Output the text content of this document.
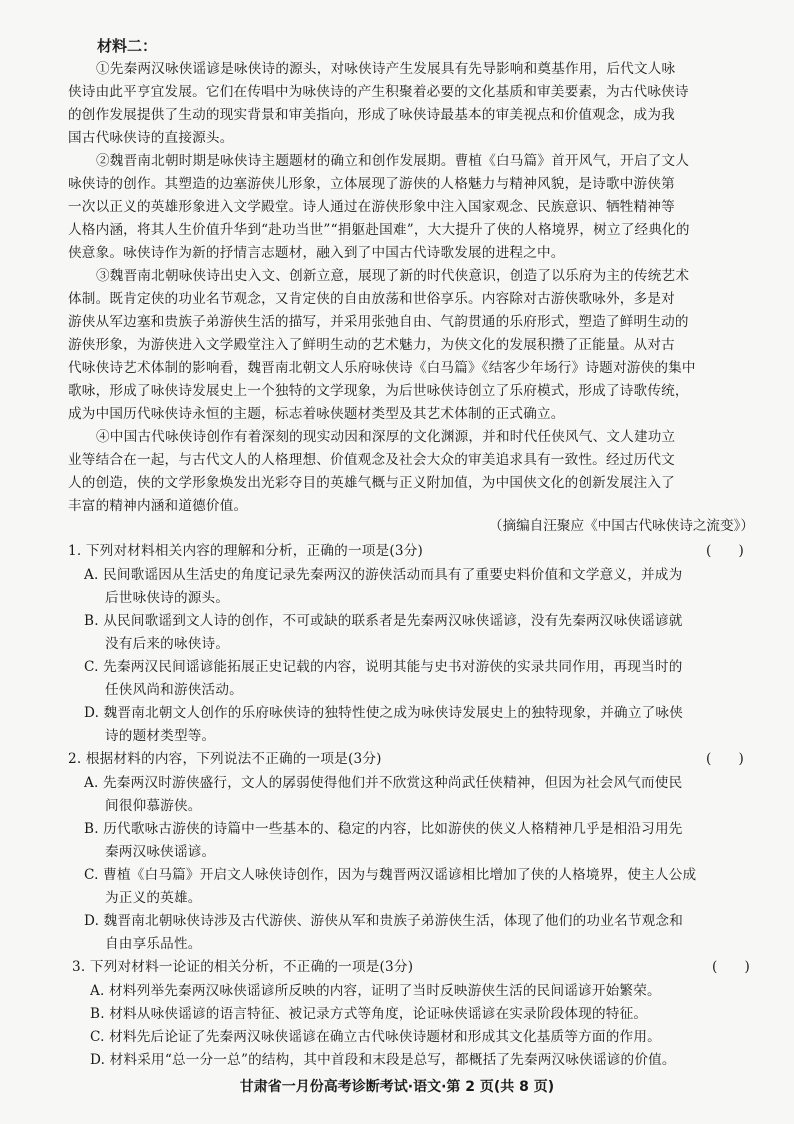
材料二：
①先秦两汉咏侠谣谚是咏侠诗的源头，对咏侠诗产生发展具有先导影响和奠基作用，后代文人咏
侠诗由此平亨宜发展。它们在传唱中为咏侠诗的产生积聚着必要的文化基质和审美要素，为古代咏侠诗
的创作发展提供了生动的现实背景和审美指向，形成了咏侠诗最基本的审美视点和价值观念，成为我
国古代咏侠诗的直接源头。
②魏晋南北朝时期是咏侠诗主题题材的确立和创作发展期。曹植《白马篇》首开风气，开启了文人
咏侠诗的创作。其塑造的边塞游侠儿形象，立体展现了游侠的人格魅力与精神风貌，是诗歌中游侠第
一次以正义的英雄形象进入文学殿堂。诗人通过在游侠形象中注入国家观念、民族意识、牺牲精神等
人格内涵，将其人生价值升华到“赴功当世”“捐躯赴国难”，大大提升了侠的人格境界，树立了经典化的
侠意象。咏侠诗作为新的抒情言志题材，融入到了中国古代诗歌发展的进程之中。
③魏晋南北朝咏侠诗出史入文、创新立意，展现了新的时代侠意识，创造了以乐府为主的传统艺术
体制。既肯定侠的功业名节观念，又肯定侠的自由放荡和世俗享乐。内容除对古游侠歌咏外，多是对
游侠从军边塞和贵族子弟游侠生活的描写，并采用张弛自由、气韵贯通的乐府形式，塑造了鲜明生动的
游侠形象，为游侠进入文学殿堂注入了鲜明生动的艺术魅力，为侠文化的发展积攒了正能量。从对古
代咏侠诗艺术体制的影响看，魏晋南北朝文人乐府咏侠诗《白马篇》《结客少年场行》诗题对游侠的集中
歌咏，形成了咏侠诗发展史上一个独特的文学现象，为后世咏侠诗创立了乐府模式，形成了诗歌传统，
成为中国历代咏侠诗永恒的主题，标志着咏侠题材类型及其艺术体制的正式确立。
④中国古代咏侠诗创作有着深刻的现实动因和深厚的文化渊源，并和时代任侠风气、文人建功立
业等结合在一起，与古代文人的人格理想、价值观念及社会大众的审美追求具有一致性。经过历代文
人的创造，侠的文学形象焕发出光彩夺目的英雄气概与正义附加值，为中国侠文化的创新发展注入了
丰富的精神内涵和道德价值。
（摘编自汪聚应《中国古代咏侠诗之流变》）
1. 下列对材料相关内容的理解和分析，正确的一项是(3分)	(　　)
A. 民间歌谣因从生活史的角度记录先秦两汉的游侠活动而具有了重要史料价值和文学意义，并成为
后世咏侠诗的源头。
B. 从民间歌谣到文人诗的创作，不可或缺的联系者是先秦两汉咏侠谣谚，没有先秦两汉咏侠谣谚就
没有后来的咏侠诗。
C. 先秦两汉民间谣谚能拓展正史记载的内容，说明其能与史书对游侠的实录共同作用，再现当时的
任侠风尚和游侠活动。
D. 魏晋南北朝文人创作的乐府咏侠诗的独特性使之成为咏侠诗发展史上的独特现象，并确立了咏侠
诗的题材类型等。
2. 根据材料的内容，下列说法不正确的一项是(3分)	(　　)
A. 先秦两汉时游侠盛行，文人的孱弱使得他们并不欣赏这种尚武任侠精神，但因为社会风气而使民
间很仰慕游侠。
B. 历代歌咏古游侠的诗篇中一些基本的、稳定的内容，比如游侠的侠义人格精神几乎是相沿习用先
秦两汉咏侠谣谚。
C. 曹植《白马篇》开启文人咏侠诗创作，因为与魏晋两汉谣谚相比增加了侠的人格境界，使主人公成
为正义的英雄。
D. 魏晋南北朝咏侠诗涉及古代游侠、游侠从军和贵族子弟游侠生活，体现了他们的功业名节观念和
自由享乐品性。
3. 下列对材料一论证的相关分析，不正确的一项是(3分)	(　　)
A. 材料列举先秦两汉咏侠谣谚所反映的内容，证明了当时反映游侠生活的民间谣谚开始繁荣。
B. 材料从咏侠谣谚的语言特征、被记录方式等角度，论证咏侠谣谚在实录阶段体现的特征。
C. 材料先后论证了先秦两汉咏侠谣谚在确立古代咏侠诗题材和形成其文化基质等方面的作用。
D. 材料采用“总一分一总”的结构，其中首段和末段是总写，都概括了先秦两汉咏侠谣谚的价值。
甘肃省一月份高考诊断考试·语文·第 2 页(共 8 页)
